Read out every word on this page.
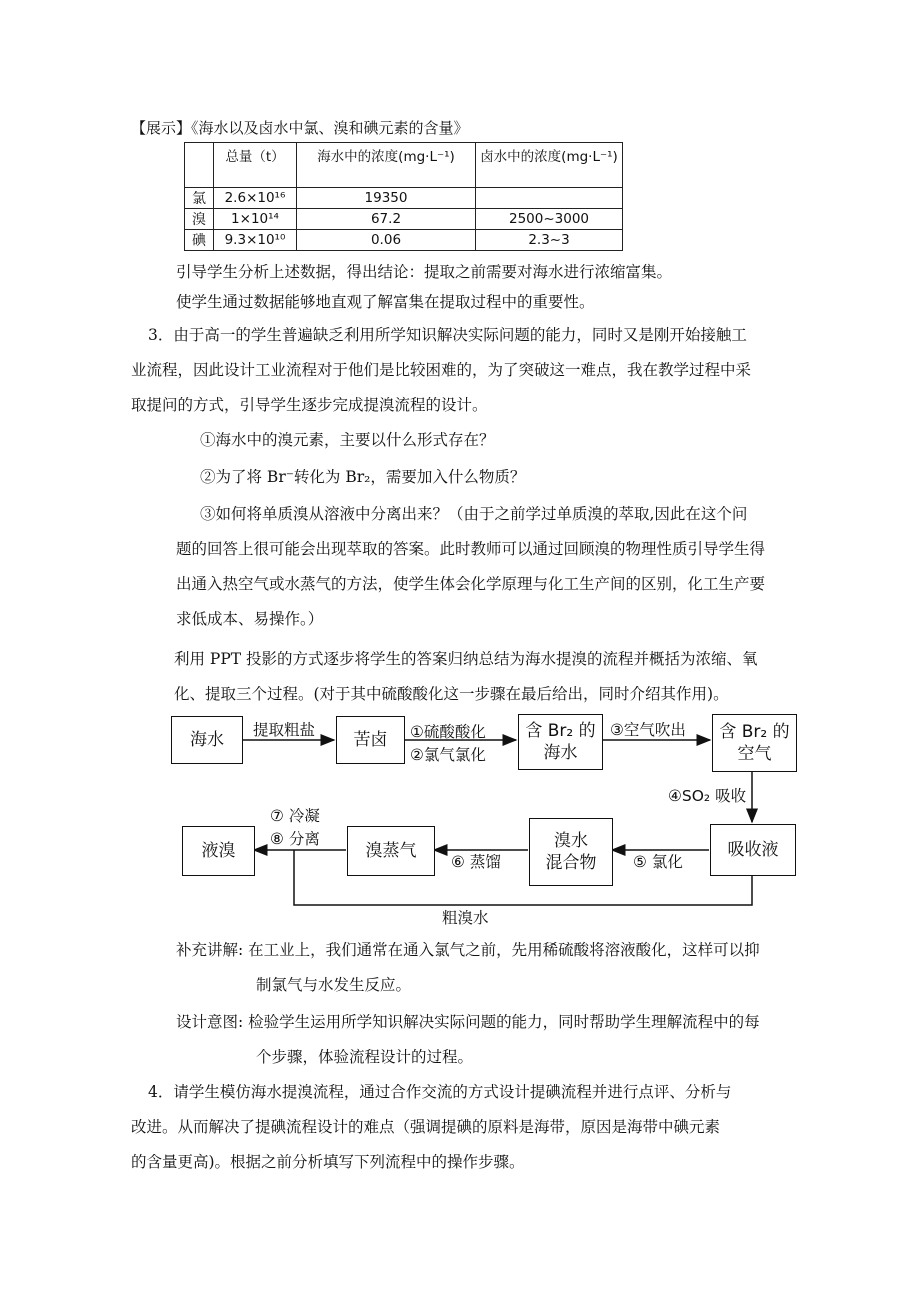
【展示】《海水以及卤水中氯、溴和碘元素的含量》
	总量（t）	海水中的浓度(mg·L⁻¹)	卤水中的浓度(mg·L⁻¹)
氯	2.6×10¹⁶	19350	
溴	1×10¹⁴	67.2	2500~3000
碘	9.3×10¹⁰	0.06	2.3~3
引导学生分析上述数据，得出结论：提取之前需要对海水进行浓缩富集。
使学生通过数据能够地直观了解富集在提取过程中的重要性。
3．由于高一的学生普遍缺乏利用所学知识解决实际问题的能力，同时又是刚开始接触工
业流程，因此设计工业流程对于他们是比较困难的，为了突破这一难点，我在教学过程中采
取提问的方式，引导学生逐步完成提溴流程的设计。
①海水中的溴元素，主要以什么形式存在？
②为了将 Br⁻转化为 Br₂，需要加入什么物质？
③如何将单质溴从溶液中分离出来？（由于之前学过单质溴的萃取,因此在这个问
题的回答上很可能会出现萃取的答案。此时教师可以通过回顾溴的物理性质引导学生得
出通入热空气或水蒸气的方法，使学生体会化学原理与化工生产间的区别，化工生产要
求低成本、易操作。）
利用 PPT 投影的方式逐步将学生的答案归纳总结为海水提溴的流程并概括为浓缩、氧
化、提取三个过程。(对于其中硫酸酸化这一步骤在最后给出，同时介绍其作用)。
海水	苦卤	含 Br₂ 的
海水
含 Br₂ 的
空气
吸收液
溴水
混合物
溴蒸气
液溴
提取粗盐	①硫酸酸化
②氯气氯化
③空气吹出
④SO₂ 吸收
⑤ 氯化
⑥ 蒸馏
⑦ 冷凝
⑧ 分离
粗溴水
补充讲解: 在工业上，我们通常在通入氯气之前，先用稀硫酸将溶液酸化，这样可以抑
制氯气与水发生反应。
设计意图: 检验学生运用所学知识解决实际问题的能力，同时帮助学生理解流程中的每
个步骤，体验流程设计的过程。
4．请学生模仿海水提溴流程，通过合作交流的方式设计提碘流程并进行点评、分析与
改进。从而解决了提碘流程设计的难点（强调提碘的原料是海带，原因是海带中碘元素
的含量更高)。根据之前分析填写下列流程中的操作步骤。
